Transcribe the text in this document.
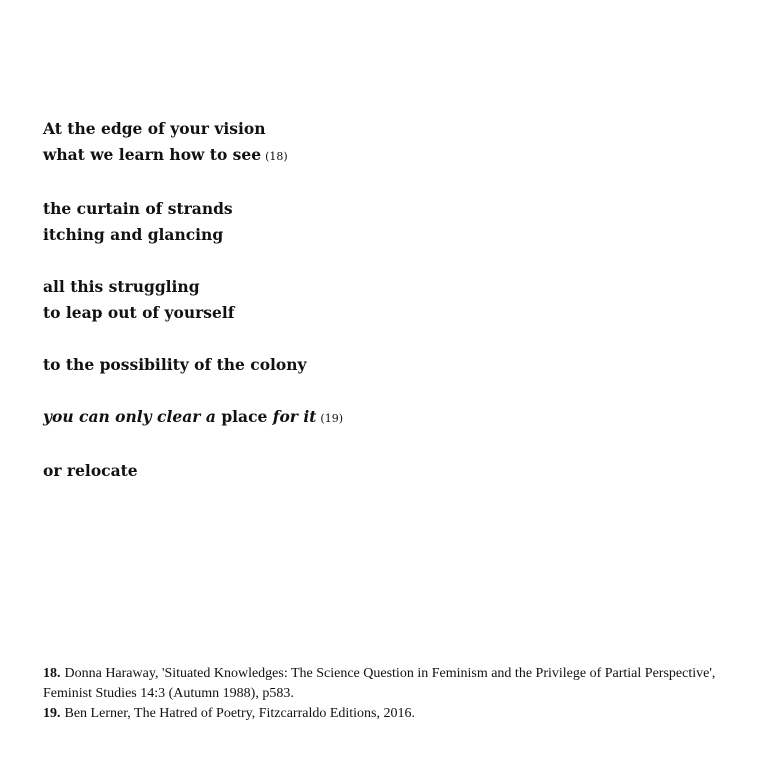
At the edge of your vision
what we learn how to see (18)
the curtain of strands
itching and glancing
all this struggling
to leap out of yourself
to the possibility of the colony
you can only clear a place for it (19)
or relocate
18. Donna Haraway, 'Situated Knowledges: The Science Question in Feminism and the Privilege of Partial Perspective', Feminist Studies 14:3 (Autumn 1988), p583.
19. Ben Lerner, The Hatred of Poetry, Fitzcarraldo Editions, 2016.
